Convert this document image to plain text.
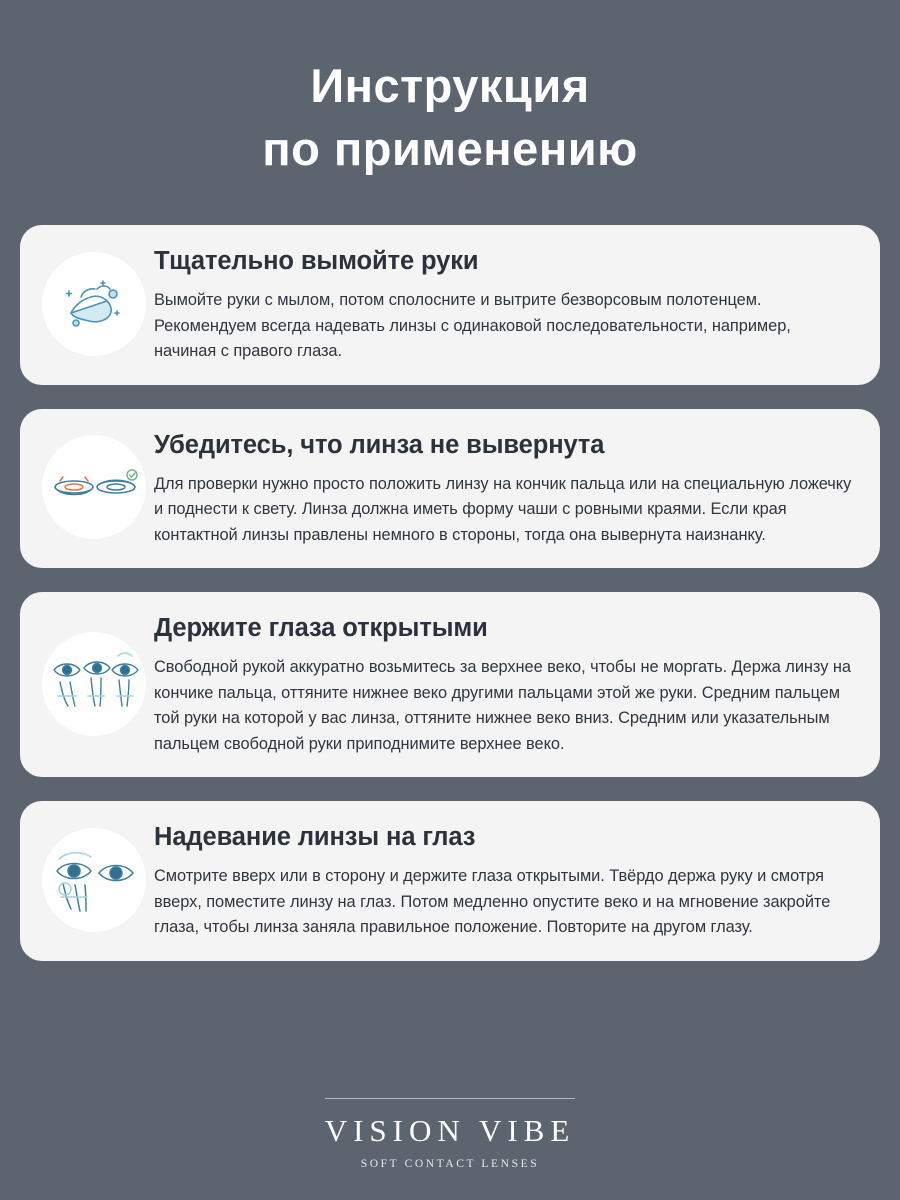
Инструкция
по применению
Тщательно вымойте руки

Вымойте руки с мылом, потом сполосните и вытрите безворсовым полотенцем. Рекомендуем всегда надевать линзы с одинаковой последовательности, например, начиная с правого глаза.

Убедитесь, что линза не вывернута

Для проверки нужно просто положить линзу на кончик пальца или на специальную ложечку и поднести к свету. Линза должна иметь форму чаши с ровными краями. Если края контактной линзы правлены немного в стороны, тогда она вывернута наизнанку.

Держите глаза открытыми

Свободной рукой аккуратно возьмитесь за верхнее веко, чтобы не моргать. Держа линзу на кончике пальца, оттяните нижнее веко другими пальцами этой же руки. Средним пальцем той руки на которой у вас линза, оттяните нижнее веко вниз. Средним или указательным пальцем свободной руки приподнимите верхнее веко.

Надевание линзы на глаз

Смотрите вверх или в сторону и держите глаза открытыми. Твёрдо держа руку и смотря вверх, поместите линзу на глаз. Потом медленно опустите веко и на мгновение закройте глаза, чтобы линза заняла правильное положение. Повторите на другом глазу.

VISION VIBE
SOFT CONTACT LENSES
